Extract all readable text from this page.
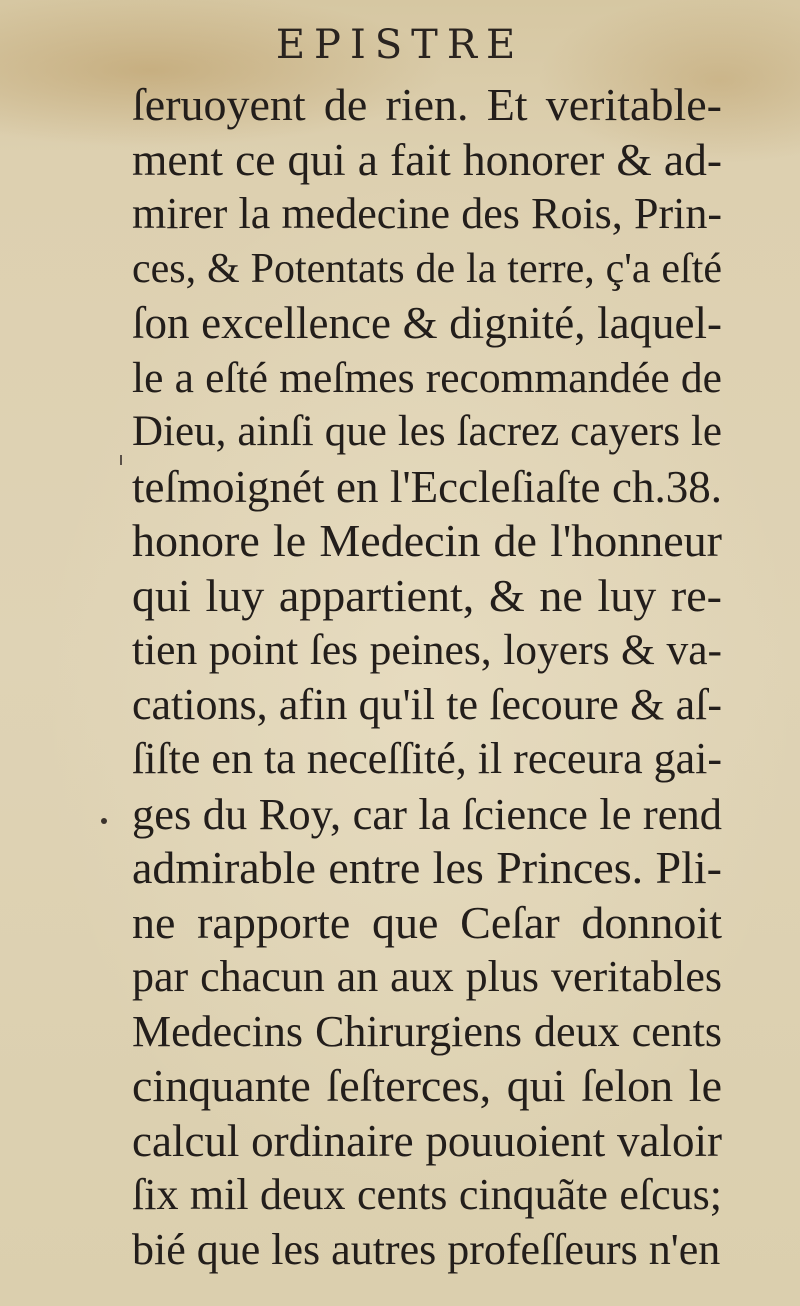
EPISTRE
ſeruoyent de rien. Et veritable-
ment ce qui a fait honorer & ad-
mirer la medecine des Rois, Prin-
ces, & Potentats de la terre, ç'a eſté
ſon excellence & dignité, laquel-
le a eſté meſmes recommandée de
Dieu, ainſi que les ſacrez cayers le
teſmoignét en l'Eccleſiaſte ch.38.
honore le Medecin de l'honneur
qui luy appartient, & ne luy re-
tien point ſes peines, loyers & va-
cations, afin qu'il te ſecoure & aſ-
ſiſte en ta neceſſité, il receura gai-
ges du Roy, car la ſcience le rend
admirable entre les Princes. Pli-
ne rapporte que Ceſar donnoit
par chacun an aux plus veritables
Medecins Chirurgiens deux cents
cinquante ſeſterces, qui ſelon le
calcul ordinaire pouuoient valoir
ſix mil deux cents cinquãte eſcus;
bié que les autres profeſſeurs n'en
